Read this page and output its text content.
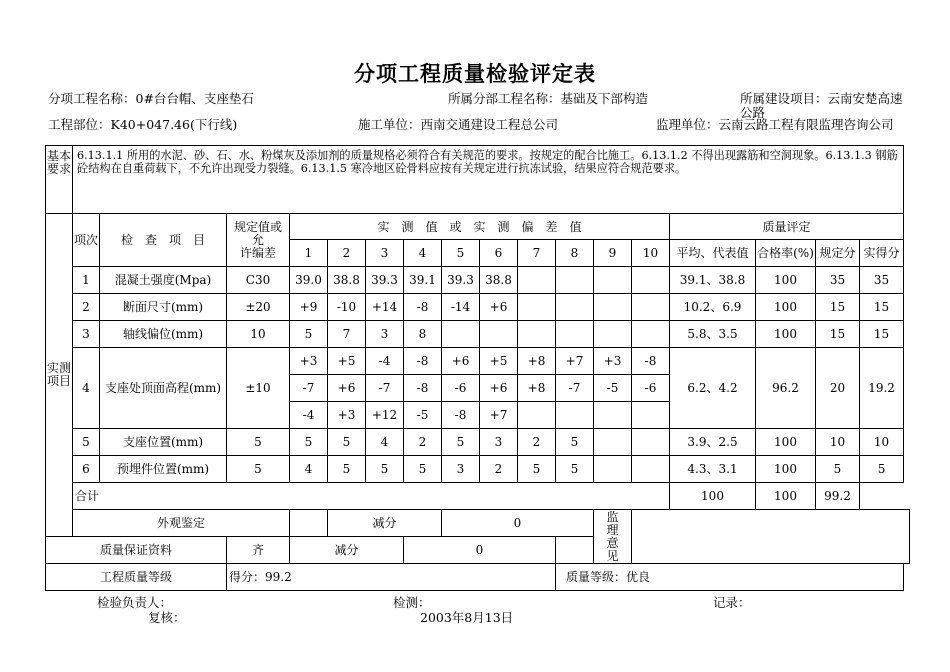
分项工程质量检验评定表
分项工程名称：0#台台帽、支座垫石	所属分部工程名称：基础及下部构造	所属建设项目：云南安楚高速公路
工程部位：K40+047.46(下行线)	施工单位：西南交通建设工程总公司	监理单位：云南云路工程有限监理咨询公司
基本要求	6.13.1.1 所用的水泥、砂、石、水、粉煤灰及添加剂的质量规格必须符合有关规范的要求。按规定的配合比施工。6.13.1.2 不得出现露筋和空洞现象。6.13.1.3 钢筋砼结构在自重荷载下，不允许出现受力裂缝。6.13.1.5 寒冷地区砼骨料应按有关规定进行抗冻试验，结果应符合规范要求。																
实测项目	项次	检　查　项　目	规定值或
允
许编差	实　测　值　或　实　测　偏　差　值										质量评定			
				1	2	3	4	5	6	7	8	9	10	平均、代表值	合格率(%)	规定分	实得分
	1	混凝土强度(Mpa)	C30	39.0	38.8	39.3	39.1	39.3	38.8					39.1、38.8	100	35	35
	2	断面尺寸(mm)	±20	+9	-10	+14	-8	-14	+6					10.2、6.9	100	15	15
	3	轴线偏位(mm)	10	5	7	3	8							5.8、3.5	100	15	15
	4	支座处顶面高程(mm)	±10	+3	+5	-4	-8	+6	+5	+8	+7	+3	-8	6.2、4.2	96.2	20	19.2
				-7	+6	-7	-8	-6	+6	+8	-7	-5	-6				
				-4	+3	+12	-5	-8	+7								
	5	支座位置(mm)	5	5	5	4	2	5	3	2	5			3.9、2.5	100	10	10
	6	预埋件位置(mm)	5	4	5	5	5	3	2	5	5			4.3、3.1	100	5	5
	合计													100	100	99.2	
	外观鉴定				减分			0				监理意见					
质量保证资料			齐	减分			0										
工程质量等级			得分：99.2								质量等级：优良						
检验负责人：	检测：	记录：
复核：	2003年8月13日
